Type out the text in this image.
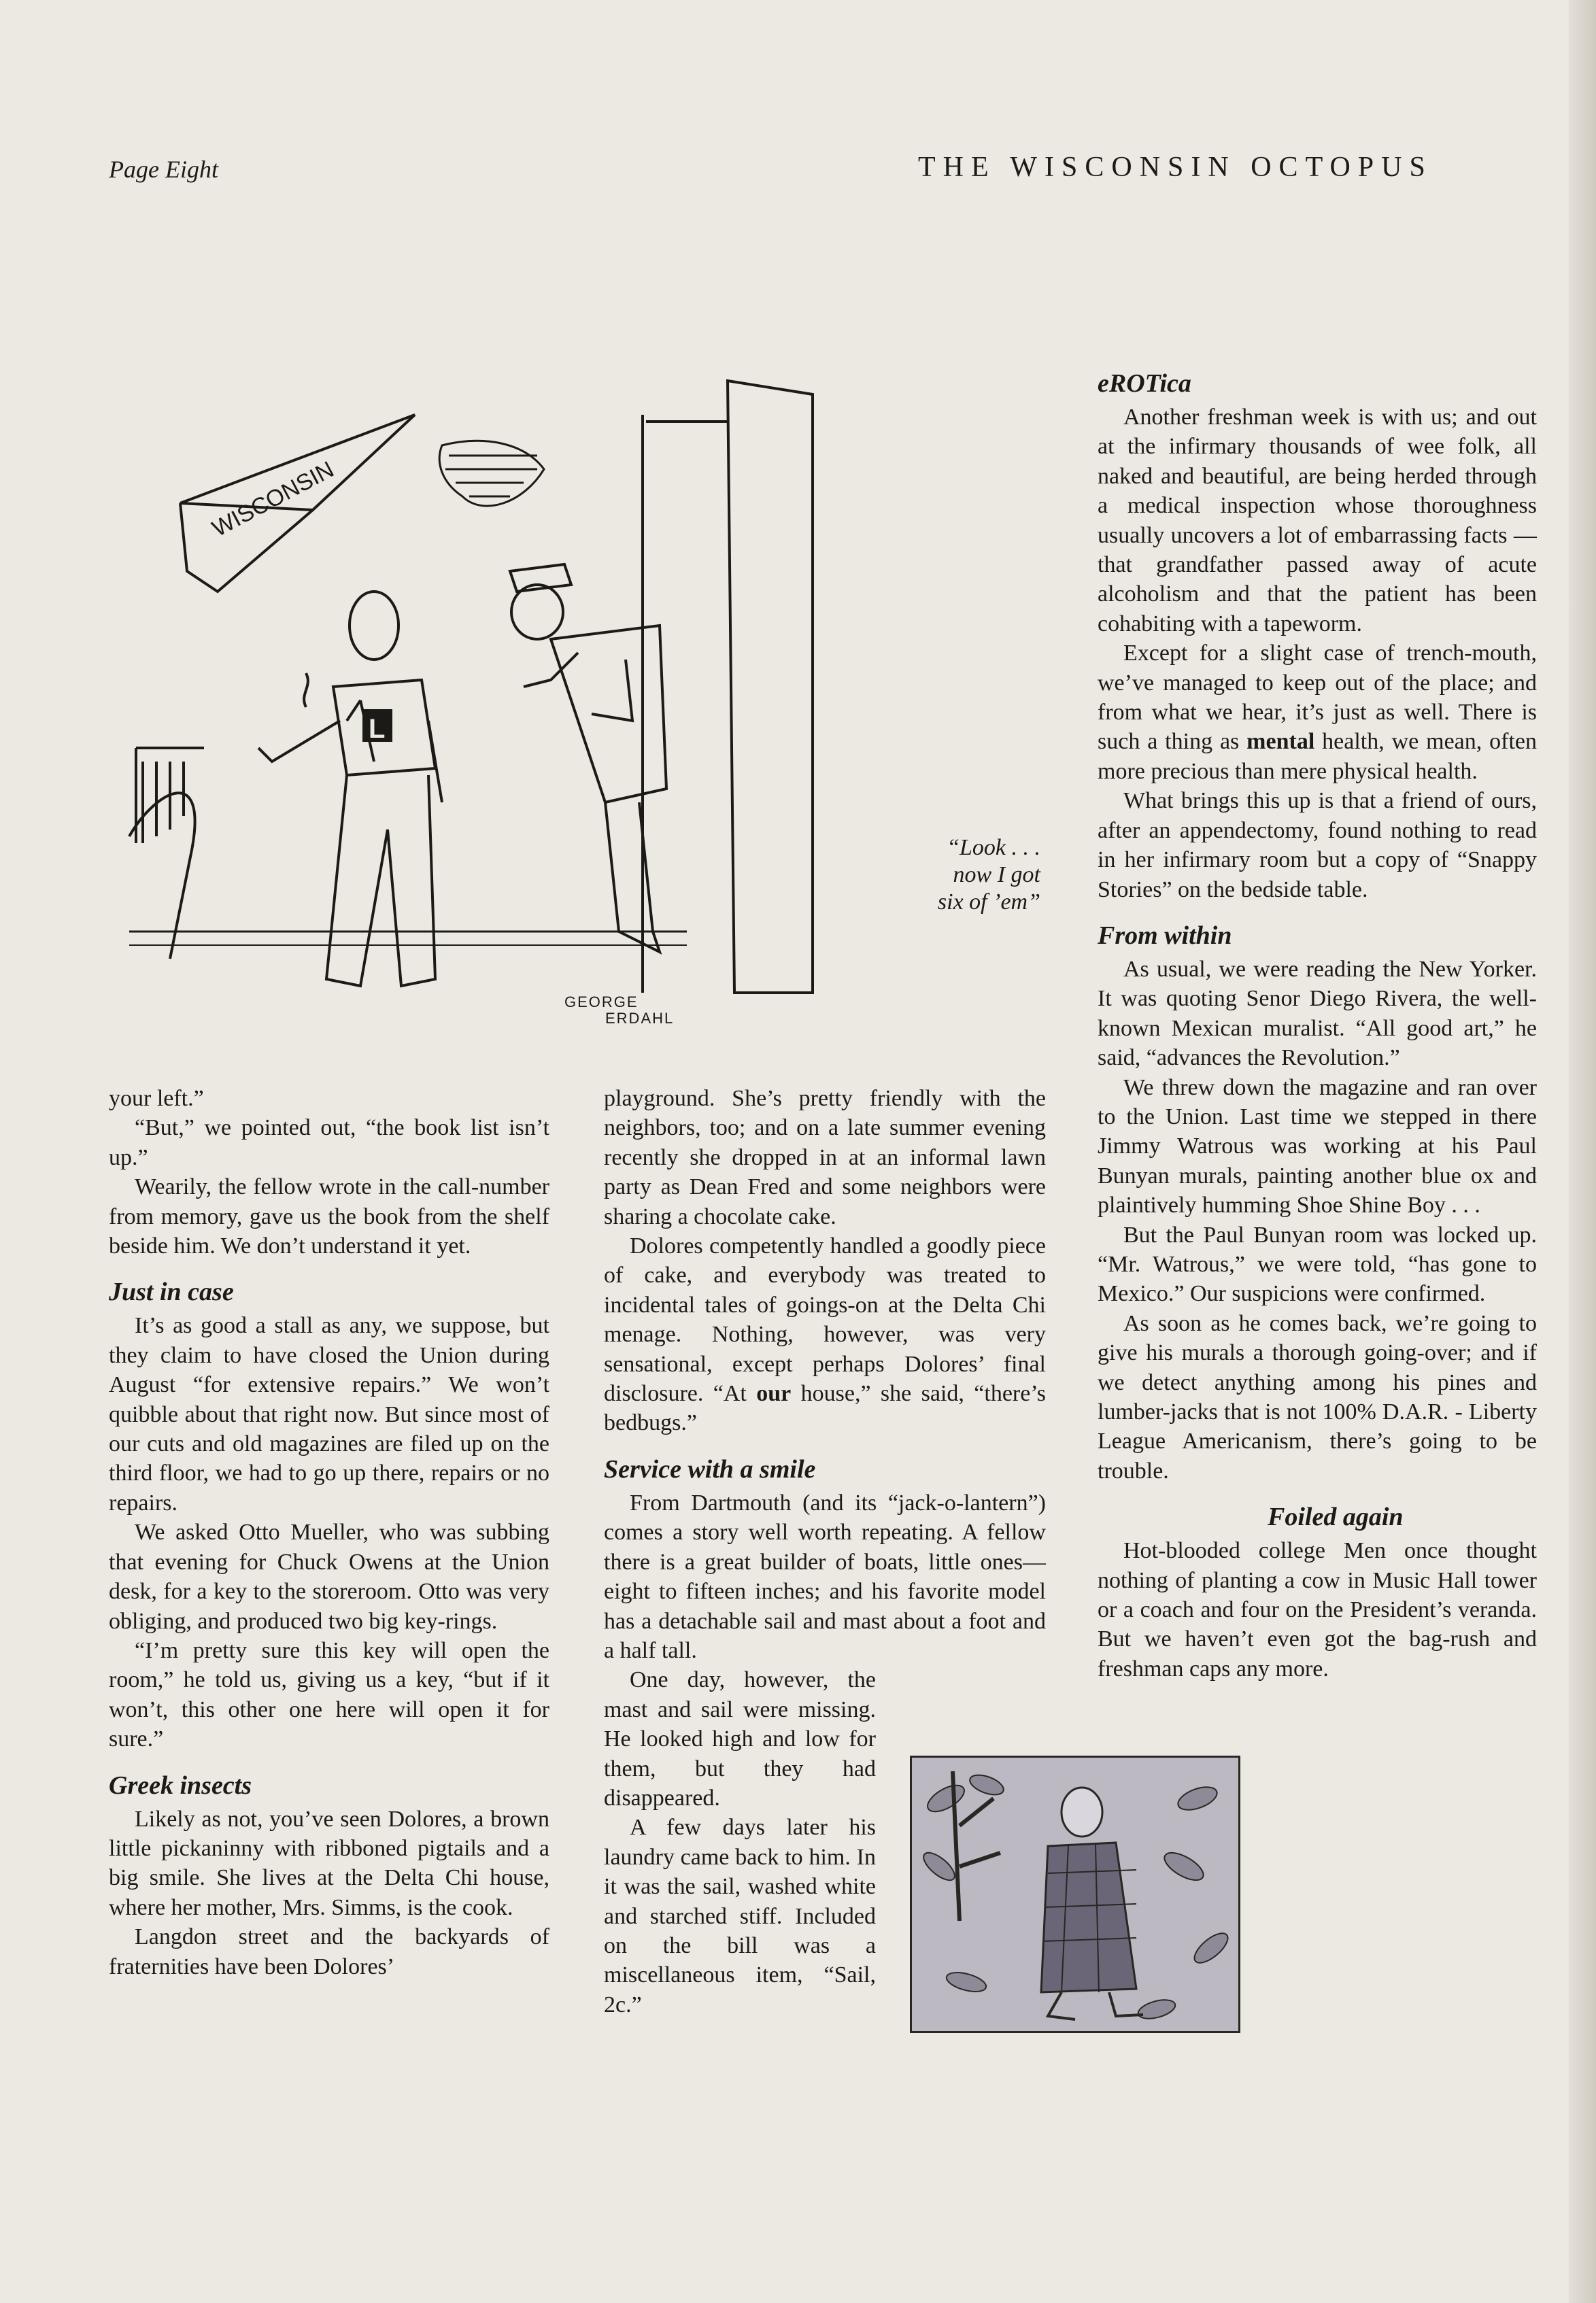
Page Eight	THE WISCONSIN OCTOPUS
WISCONSIN
L
“Look . . .
now I got
six of ’em”
GEORGE
ERDAHL

your left.”

“But,” we pointed out, “the book list isn’t up.”

Wearily, the fellow wrote in the call-number from memory, gave us the book from the shelf beside him. We don’t understand it yet.

Just in case

It’s as good a stall as any, we suppose, but they claim to have closed the Union during August “for extensive repairs.” We won’t quibble about that right now. But since most of our cuts and old magazines are filed up on the third floor, we had to go up there, repairs or no repairs.

We asked Otto Mueller, who was subbing that evening for Chuck Owens at the Union desk, for a key to the storeroom. Otto was very obliging, and produced two big key-rings.

“I’m pretty sure this key will open the room,” he told us, giving us a key, “but if it won’t, this other one here will open it for sure.”

Greek insects

Likely as not, you’ve seen Dolores, a brown little pickaninny with ribboned pigtails and a big smile. She lives at the Delta Chi house, where her mother, Mrs. Simms, is the cook.

Langdon street and the backyards of fraternities have been Dolores’

playground. She’s pretty friendly with the neighbors, too; and on a late summer evening recently she dropped in at an informal lawn party as Dean Fred and some neighbors were sharing a chocolate cake.

Dolores competently handled a goodly piece of cake, and everybody was treated to incidental tales of goings-on at the Delta Chi menage. Nothing, however, was very sensational, except perhaps Dolores’ final disclosure. “At our house,” she said, “there’s bedbugs.”

Service with a smile

From Dartmouth (and its “jack-o-lantern”) comes a story well worth repeating. A fellow there is a great builder of boats, little ones—eight to fifteen inches; and his favorite model has a detachable sail and mast about a foot and a half tall.

One day, however, the mast and sail were missing. He looked high and low for them, but they had disappeared.

A few days later his laundry came back to him. In it was the sail, washed white and starched stiff. Included on the bill was a miscellaneous item, “Sail, 2c.”

eROTica

Another freshman week is with us; and out at the infirmary thousands of wee folk, all naked and beautiful, are being herded through a medical inspection whose thoroughness usually uncovers a lot of embarrassing facts — that grandfather passed away of acute alcoholism and that the patient has been cohabiting with a tapeworm.

Except for a slight case of trench-mouth, we’ve managed to keep out of the place; and from what we hear, it’s just as well. There is such a thing as mental health, we mean, often more precious than mere physical health.

What brings this up is that a friend of ours, after an appendectomy, found nothing to read in her infirmary room but a copy of “Snappy Stories” on the bedside table.

From within

As usual, we were reading the New Yorker. It was quoting Senor Diego Rivera, the well-known Mexican muralist. “All good art,” he said, “advances the Revolution.”

We threw down the magazine and ran over to the Union. Last time we stepped in there Jimmy Watrous was working at his Paul Bunyan murals, painting another blue ox and plaintively humming Shoe Shine Boy . . .

But the Paul Bunyan room was locked up. “Mr. Watrous,” we were told, “has gone to Mexico.” Our suspicions were confirmed.

As soon as he comes back, we’re going to give his murals a thorough going-over; and if we detect anything among his pines and lumber-jacks that is not 100% D.A.R. - Liberty League Americanism, there’s going to be trouble.

Foiled again

Hot-blooded college Men once thought nothing of planting a cow in Music Hall tower or a coach and four on the President’s veranda. But we haven’t even got the bag-rush and freshman caps any more.
